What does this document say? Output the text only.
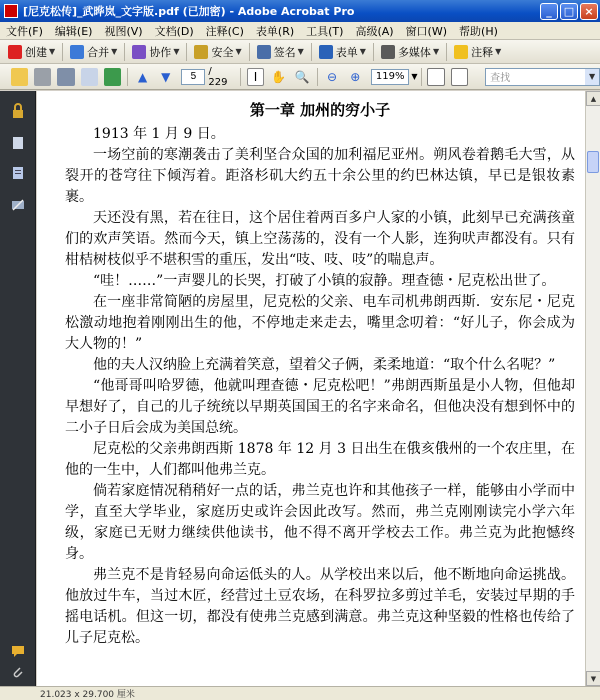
[尼克松传]_武晔岚_文字版.pdf (已加密) - Adobe Acrobat Pro	_	□ ×
文件(F)	编辑(E)	视图(V)	文档(D)	注释(C)	表单(R)	工具(T)	高级(A)	窗口(W)	帮助(H)
创建 ▼	合并 ▼	协作 ▼	安全 ▼	签名 ▼	表单 ▼	多媒体 ▼	注释 ▼
▲	▼
5	/ 229	I	✋ 🔍 ⊖ ⊕	119% ▼	查找	▼
第一章 加州的穷小子

1913 年 1 月 9 日。

一场空前的寒潮袭击了美利坚合众国的加利福尼亚州。朔风卷着鹅毛大雪，从裂开的苍穹往下倾泻着。距洛杉矶大约五十余公里的约巴林达镇，早已是银妆素裹。

天还没有黑，若在往日，这个居住着两百多户人家的小镇，此刻早已充满孩童们的欢声笑语。然而今天，镇上空荡荡的，没有一个人影，连狗吠声都没有。只有柑桔树枝似乎不堪积雪的重压，发出“吱、吱、吱”的喘息声。

“哇！……”一声婴儿的长哭，打破了小镇的寂静。理查德・尼克松出世了。

在一座非常简陋的房屋里，尼克松的父亲、电车司机弗朗西斯．安东尼・尼克松激动地抱着刚刚出生的他，不停地走来走去，嘴里念叨着：“好儿子，你会成为大人物的！”

他的夫人汉纳脸上充满着笑意，望着父子俩，柔柔地道：“取个什么名呢？”

“他哥哥叫哈罗德，他就叫理查德・尼克松吧！”弗朗西斯虽是小人物，但他却早想好了，自己的儿子统统以早期英国国王的名字来命名，但他决没有想到怀中的二小子日后会成为美国总统。

尼克松的父亲弗朗西斯 1878 年 12 月 3 日出生在俄亥俄州的一个农庄里，在他的一生中，人们都叫他弗兰克。

倘若家庭情况稍稍好一点的话，弗兰克也许和其他孩子一样，能够由小学而中学，直至大学毕业，家庭历史或许会因此改写。然而，弗兰克刚刚读完小学六年级，家庭已无财力继续供他读书，他不得不离开学校去工作。弗兰克为此抱憾终身。

弗兰克不是肯轻易向命运低头的人。从学校出来以后，他不断地向命运挑战。他放过牛车，当过木匠，经营过土豆农场，在科罗拉多剪过羊毛，安装过早期的手摇电话机。但这一切，都没有使弗兰克感到满意。弗兰克这种坚毅的性格也传给了儿子尼克松。

▲
▼
21.023 x 29.700 厘米
